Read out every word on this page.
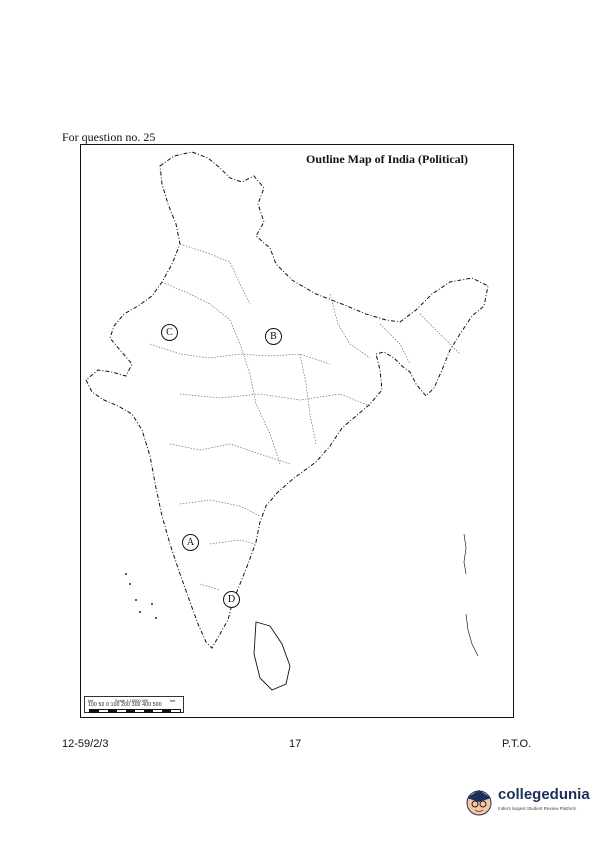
For question no. 25
Outline Map of India (Political)
C	B
A
D
km	Scale 1:15000,000	km
100 50 0 100 200 300 400 500
12-59/2/3	17	P.T.O.
collegedunia
India's largest Student Review Platform
